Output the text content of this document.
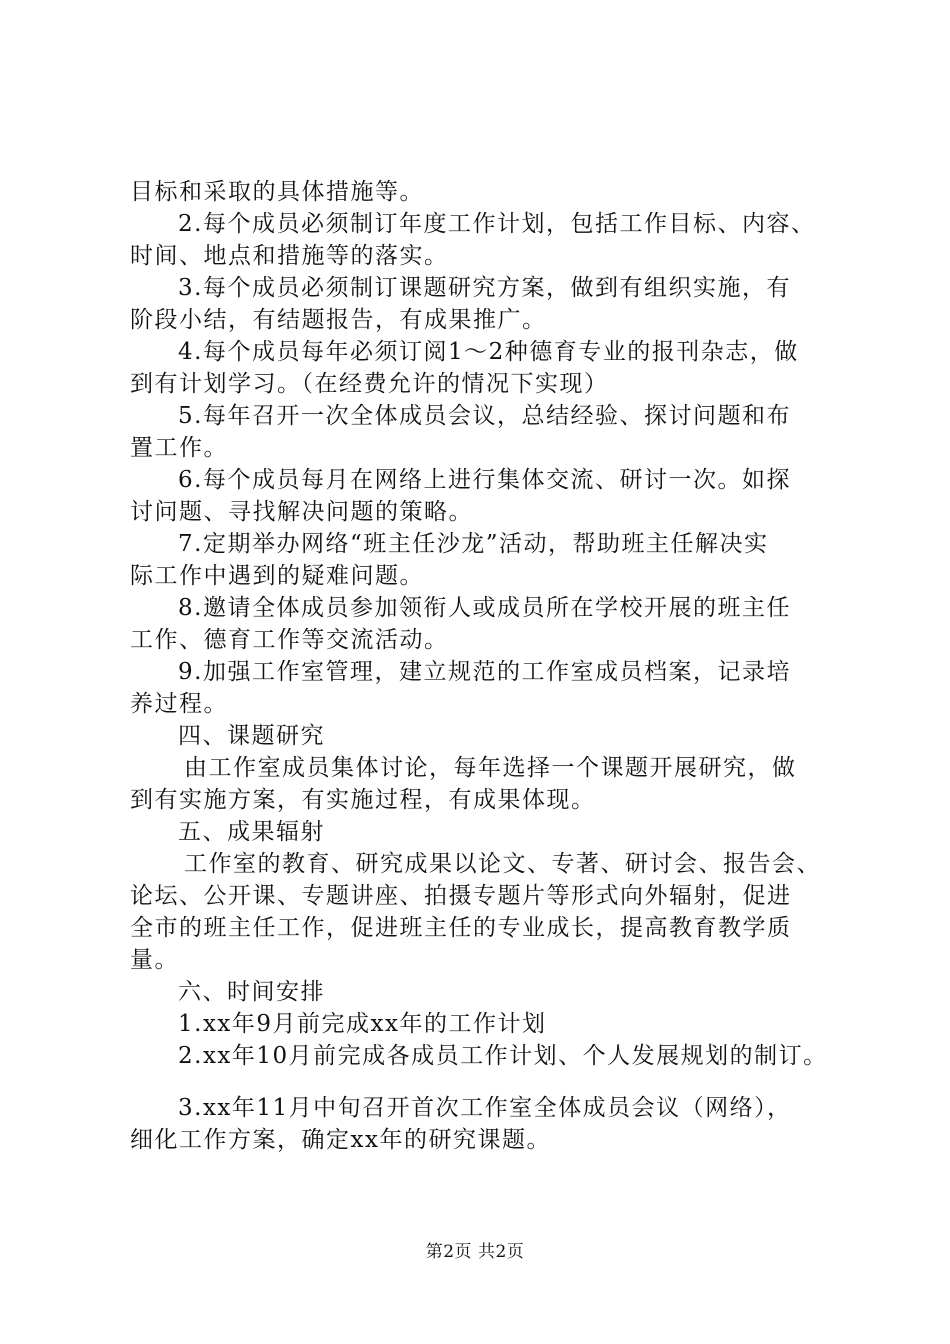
目标和采取的具体措施等。
2.每个成员必须制订年度工作计划，包括工作目标、内容、
时间、地点和措施等的落实。
3.每个成员必须制订课题研究方案，做到有组织实施，有
阶段小结，有结题报告，有成果推广。
4.每个成员每年必须订阅1～2种德育专业的报刊杂志，做
到有计划学习。（在经费允许的情况下实现）
5.每年召开一次全体成员会议，总结经验、探讨问题和布
置工作。
6.每个成员每月在网络上进行集体交流、研讨一次。如探
讨问题、寻找解决问题的策略。
7.定期举办网络“班主任沙龙”活动，帮助班主任解决实
际工作中遇到的疑难问题。
8.邀请全体成员参加领衔人或成员所在学校开展的班主任
工作、德育工作等交流活动。
9.加强工作室管理，建立规范的工作室成员档案，记录培
养过程。
四、课题研究
由工作室成员集体讨论，每年选择一个课题开展研究，做
到有实施方案，有实施过程，有成果体现。
五、成果辐射
工作室的教育、研究成果以论文、专著、研讨会、报告会、
论坛、公开课、专题讲座、拍摄专题片等形式向外辐射，促进
全市的班主任工作，促进班主任的专业成长，提高教育教学质
量。
六、时间安排
1.xx年9月前完成xx年的工作计划
2.xx年10月前完成各成员工作计划、个人发展规划的制订。
3.xx年11月中旬召开首次工作室全体成员会议（网络），
细化工作方案，确定xx年的研究课题。
第2页 共2页
